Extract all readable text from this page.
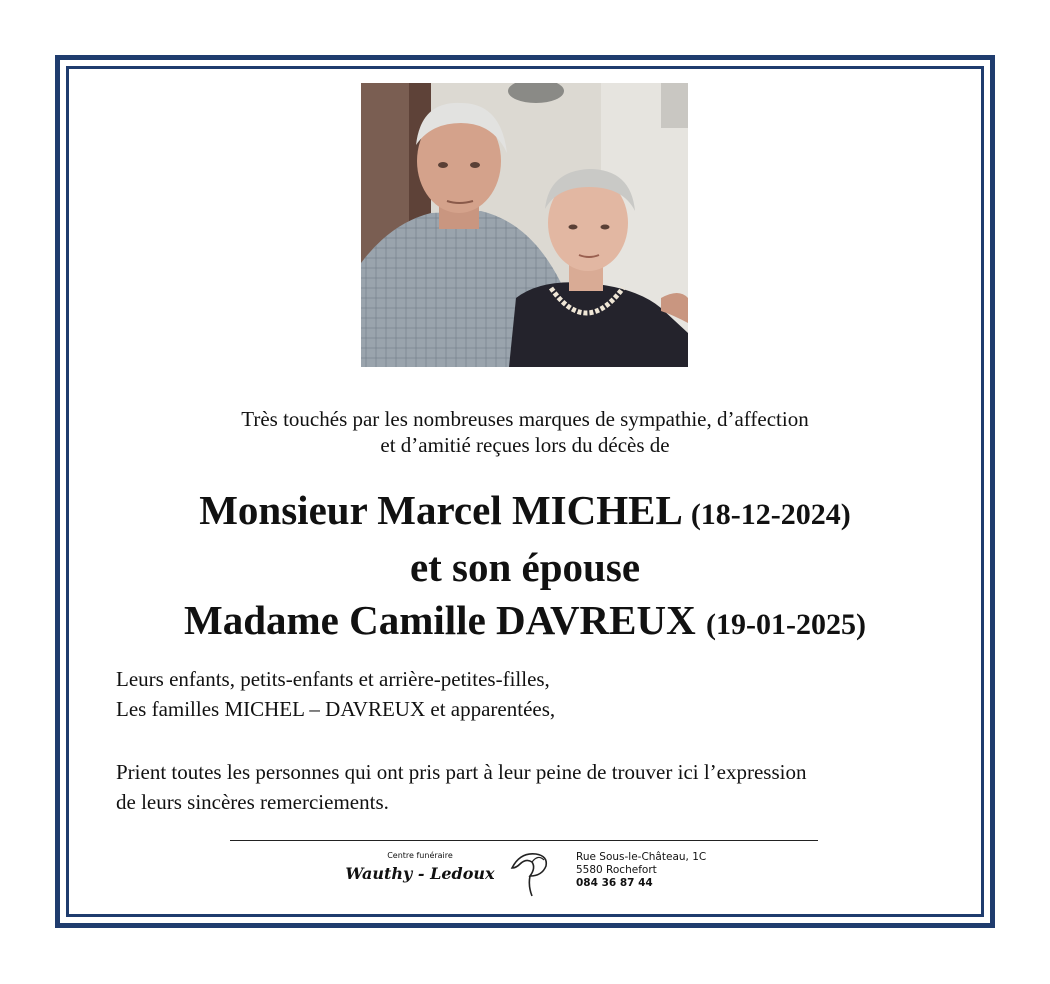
Très touchés par les nombreuses marques de sympathie, d’affection
et d’amitié reçues lors du décès de
Monsieur Marcel MICHEL (18-12-2024)
et son épouse
Madame Camille DAVREUX (19-01-2025)
Leurs enfants, petits-enfants et arrière-petites-filles,
Les familles MICHEL – DAVREUX et apparentées,
Prient toutes les personnes qui ont pris part à leur peine de trouver ici l’expression
de leurs sincères remerciements.
Centre funéraire
Wauthy - Ledoux
Rue Sous-le-Château, 1C
5580 Rochefort
084 36 87 44
